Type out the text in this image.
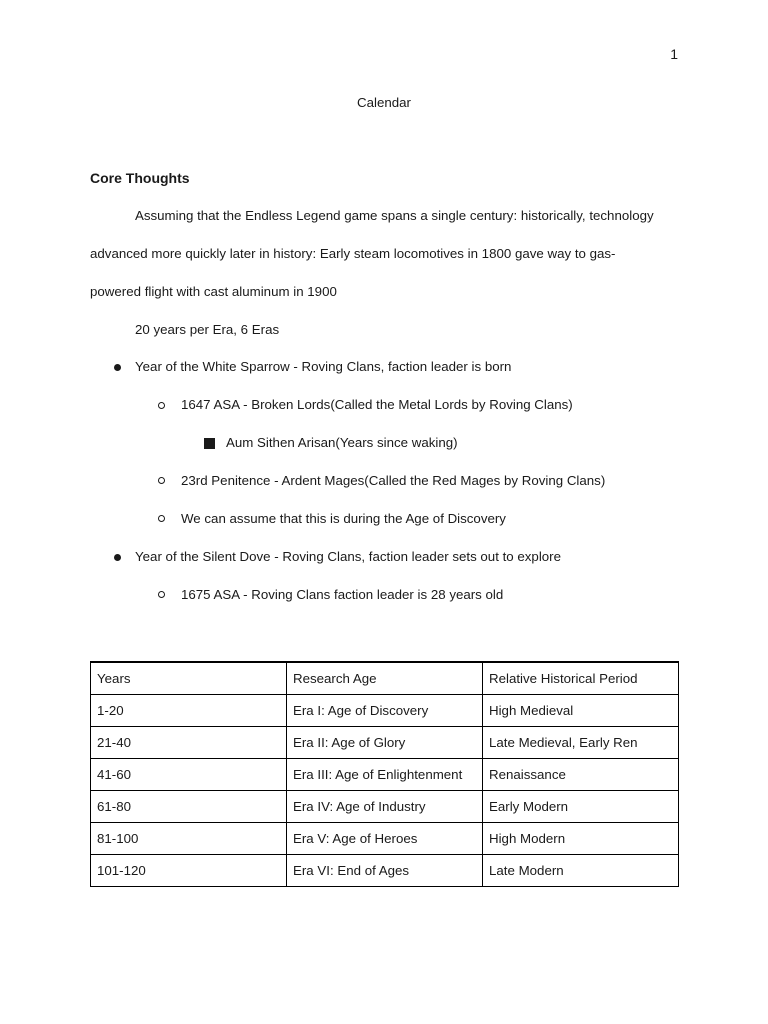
1
Calendar
Core Thoughts
Assuming that the Endless Legend game spans a single century: historically, technology
advanced more quickly later in history: Early steam locomotives in 1800 gave way to gas-
powered flight with cast aluminum in 1900
20 years per Era, 6 Eras
Year of the White Sparrow - Roving Clans, faction leader is born
1647 ASA - Broken Lords(Called the Metal Lords by Roving Clans)
Aum Sithen Arisan(Years since waking)
23rd Penitence - Ardent Mages(Called the Red Mages by Roving Clans)
We can assume that this is during the Age of Discovery
Year of the Silent Dove - Roving Clans, faction leader sets out to explore
1675 ASA - Roving Clans faction leader is 28 years old
Years	Research Age	Relative Historical Period
1-20	Era I: Age of Discovery	High Medieval
21-40	Era II: Age of Glory	Late Medieval, Early Ren
41-60	Era III: Age of Enlightenment	Renaissance
61-80	Era IV: Age of Industry	Early Modern
81-100	Era V: Age of Heroes	High Modern
101-120	Era VI: End of Ages	Late Modern
